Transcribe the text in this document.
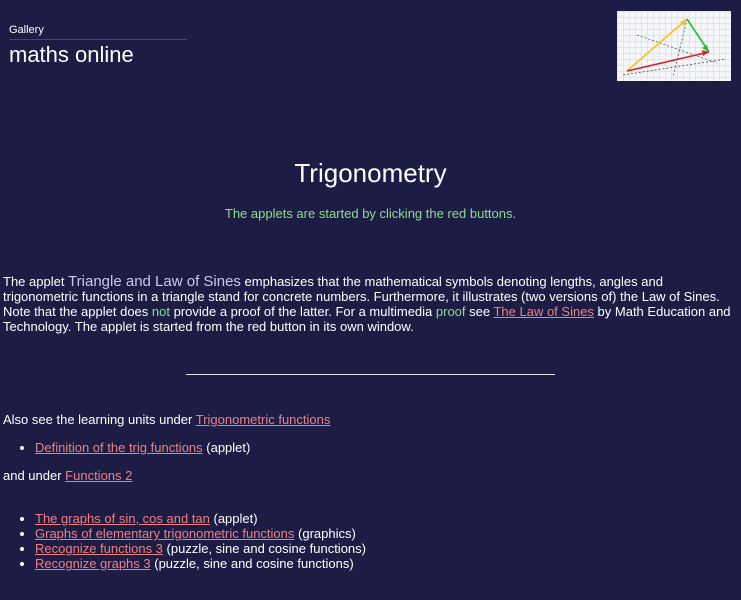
Gallery
maths online
Trigonometry
The applets are started by clicking the red buttons.
The applet Triangle and Law of Sines emphasizes that the mathematical symbols denoting lengths, angles and trigonometric functions in a triangle stand for concrete numbers. Furthermore, it illustrates (two versions of) the Law of Sines. Note that the applet does not provide a proof of the latter. For a multimedia proof see The Law of Sines by Math Education and Technology. The applet is started from the red button in its own window.
Also see the learning units under Trigonometric functions
• Definition of the trig functions (applet)
and under Functions 2
• The graphs of sin, cos and tan (applet)
• Graphs of elementary trigonometric functions (graphics)
• Recognize functions 3 (puzzle, sine and cosine functions)
• Recognize graphs 3 (puzzle, sine and cosine functions)
